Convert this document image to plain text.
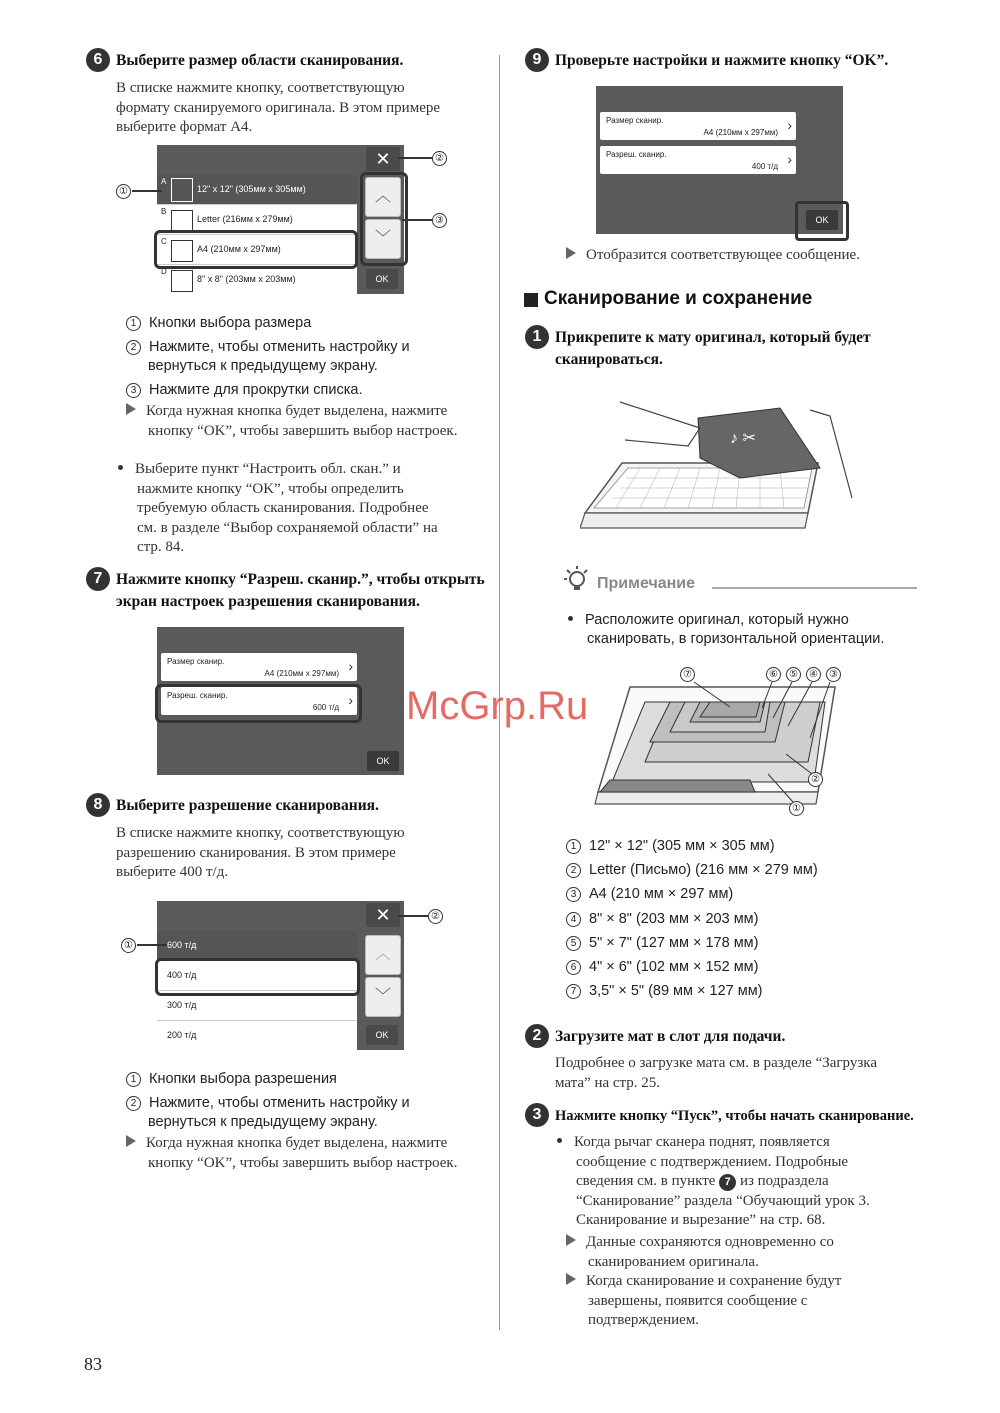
6 Выберите размер области сканирования.
В списке нажмите кнопку, соответствующую
формату сканируемого оригинала. В этом примере
выберите формат А4.
A
12" x 12" (305мм x 305мм)
B
Letter (216мм x 279мм)
C
A4 (210мм x 297мм)
D
8" x 8" (203мм x 203мм)
✕
︿
﹀
OK
①
②
③
1 Кнопки выбора размера
2 Нажмите, чтобы отменить настройку и
вернуться к предыдущему экрану.
3 Нажмите для прокрутки списка.
Когда нужная кнопка будет выделена, нажмите
кнопку “OK”, чтобы завершить выбор настроек.
Выберите пункт “Настроить обл. скан.” и
нажмите кнопку “OK”, чтобы определить
требуемую область сканирования. Подробнее
см. в разделе “Выбор сохраняемой области” на
стр. 84.
7 Нажмите кнопку “Разреш. сканир.”, чтобы открыть
экран настроек разрешения сканирования.
Размер сканир.
A4 (210мм x 297мм) ›
Разреш. сканир.
600 т/д ›
OK
8 Выберите разрешение сканирования.
В списке нажмите кнопку, соответствующую
разрешению сканирования. В этом примере
выберите 400 т/д.
600 т/д
400 т/д
300 т/д
200 т/д
✕
︿
﹀
OK
①
②
1 Кнопки выбора разрешения
2 Нажмите, чтобы отменить настройку и
вернуться к предыдущему экрану.
Когда нужная кнопка будет выделена, нажмите
кнопку “OK”, чтобы завершить выбор настроек.
83
9 Проверьте настройки и нажмите кнопку “OK”.
Размер сканир.
A4 (210мм x 297мм) ›
Разреш. сканир.
400 т/д ›
OK
Отобразится соответствующее сообщение.
Сканирование и сохранение
1 Прикрепите к мату оригинал, который будет
сканироваться.
♪ ✂
Примечание
Расположите оригинал, который нужно
сканировать, в горизонтальной ориентации.
⑦	⑥	⑤	④	③
②
①
1 12" × 12" (305 мм × 305 мм)
2 Letter (Письмо) (216 мм × 279 мм)
3 A4 (210 мм × 297 мм)
4 8" × 8" (203 мм × 203 мм)
5 5" × 7" (127 мм × 178 мм)
6 4" × 6" (102 мм × 152 мм)
7 3,5" × 5" (89 мм × 127 мм)
2 Загрузите мат в слот для подачи.
Подробнее о загрузке мата см. в разделе “Загрузка
мата” на стр. 25.
3 Нажмите кнопку “Пуск”, чтобы начать сканирование.
Когда рычаг сканера поднят, появляется
сообщение с подтверждением. Подробные
сведения см. в пункте 7 из подраздела
“Сканирование” раздела “Обучающий урок 3.
Сканирование и вырезание” на стр. 68.
Данные сохраняются одновременно со
сканированием оригинала.
Когда сканирование и сохранение будут
завершены, появится сообщение с
подтверждением.
McGrp.Ru
